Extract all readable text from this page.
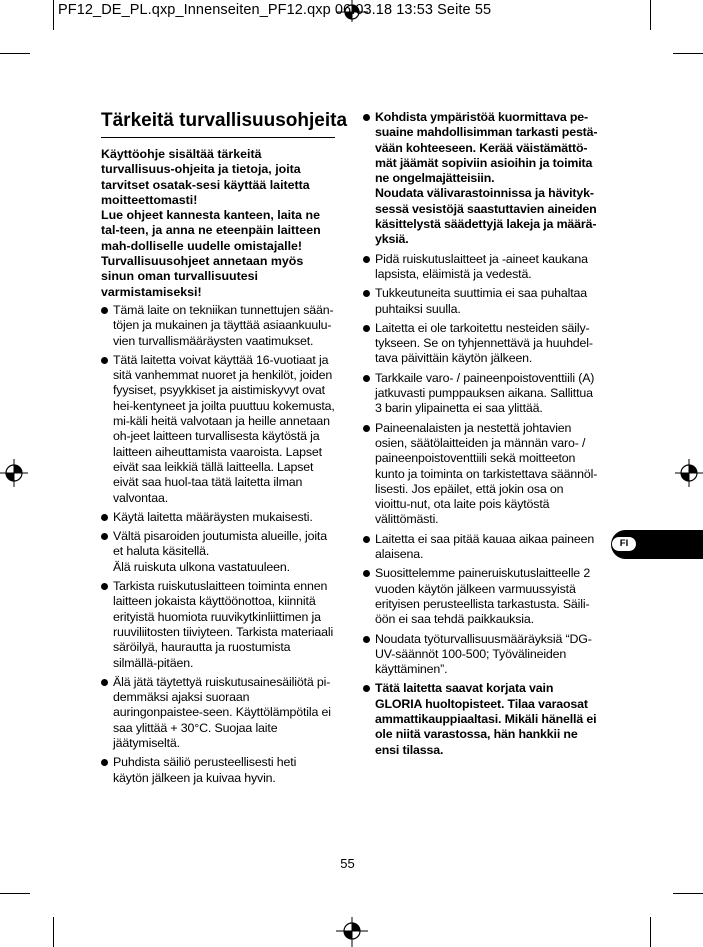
PF12_DE_PL.qxp_Innenseiten_PF12.qxp 06.03.18 13:53 Seite 55
Tärkeitä turvallisuusohjeita

Käyttöohje sisältää tärkeitä turvallisuus-ohjeita ja tietoja, joita tarvitset osatak-sesi käyttää laitetta moitteettomasti!

Lue ohjeet kannesta kanteen, laita ne tal-teen, ja anna ne eteenpäin laitteen mah-dolliselle uudelle omistajalle!

Turvallisuusohjeet annetaan myös sinun oman turvallisuutesi varmistamiseksi!

Tämä laite on tekniikan tunnettujen sään-töjen ja mukainen ja täyttää asiaankuulu-vien turvallismääräysten vaatimukset.
Tätä laitetta voivat käyttää 16-vuotiaat ja sitä vanhemmat nuoret ja henkilöt, joiden fyysiset, psyykkiset ja aistimiskyvyt ovat hei-kentyneet ja joilta puuttuu kokemusta, mi-käli heitä valvotaan ja heille annetaan oh-jeet laitteen turvallisesta käytöstä ja laitteen aiheuttamista vaaroista. Lapset eivät saa leikkiä tällä laitteella. Lapset eivät saa huol-taa tätä laitetta ilman valvontaa.
Käytä laitetta määräysten mukaisesti.
Vältä pisaroiden joutumista alueille, joita et haluta käsitellä.
Älä ruiskuta ulkona vastatuuleen.
Tarkista ruiskutuslaitteen toiminta ennen laitteen jokaista käyttöönottoa, kiinnitä erityistä huomiota ruuvikytkinliittimen ja ruuviliitosten tiiviyteen. Tarkista materiaali säröilyä, haurautta ja ruostumista silmällä-pitäen.
Älä jätä täytettyä ruiskutusainesäiliötä pi-demmäksi ajaksi suoraan auringonpaistee-seen. Käyttölämpötila ei saa ylittää + 30°C. Suojaa laite jäätymiseltä.
Puhdista säiliö perusteellisesti heti käytön jälkeen ja kuivaa hyvin.
Kohdista ympäristöä kuormittava pe-suaine mahdollisimman tarkasti pestä-vään kohteeseen. Kerää väistämättö-mät jäämät sopiviin asioihin ja toimita ne ongelmajätteisiin.
Noudata välivarastoinnissa ja hävityk-sessä vesistöjä saastuttavien aineiden käsittelystä säädettyjä lakeja ja määrä-yksiä.
Pidä ruiskutuslaitteet ja -aineet kaukana lapsista, eläimistä ja vedestä.
Tukkeutuneita suuttimia ei saa puhaltaa puhtaiksi suulla.
Laitetta ei ole tarkoitettu nesteiden säily-tykseen. Se on tyhjennettävä ja huuhdel-tava päivittäin käytön jälkeen.
Tarkkaile varo- / paineenpoistoventtiili (A) jatkuvasti pumppauksen aikana. Sallittua 3 barin ylipainetta ei saa ylittää.
Paineenalaisten ja nestettä johtavien osien, säätölaitteiden ja männän varo- / paineenpoistoventtiili sekä moitteeton kunto ja toiminta on tarkistettava säännöl-lisesti. Jos epäilet, että jokin osa on vioittu-nut, ota laite pois käytöstä välittömästi.
Laitetta ei saa pitää kauaa aikaa paineen alaisena.
Suosittelemme paineruiskutuslaitteelle 2 vuoden käytön jälkeen varmuussyistä erityisen perusteellista tarkastusta. Säili-öön ei saa tehdä paikkauksia.
Noudata työturvallisuusmääräyksiä “DG-UV-säännöt 100-500; Työvälineiden käyttäminen”.
Tätä laitetta saavat korjata vain GLORIA huoltopisteet. Tilaa varaosat ammattikauppiaaltasi. Mikäli hänellä ei ole niitä varastossa, hän hankkii ne ensi tilassa.
FI
55
